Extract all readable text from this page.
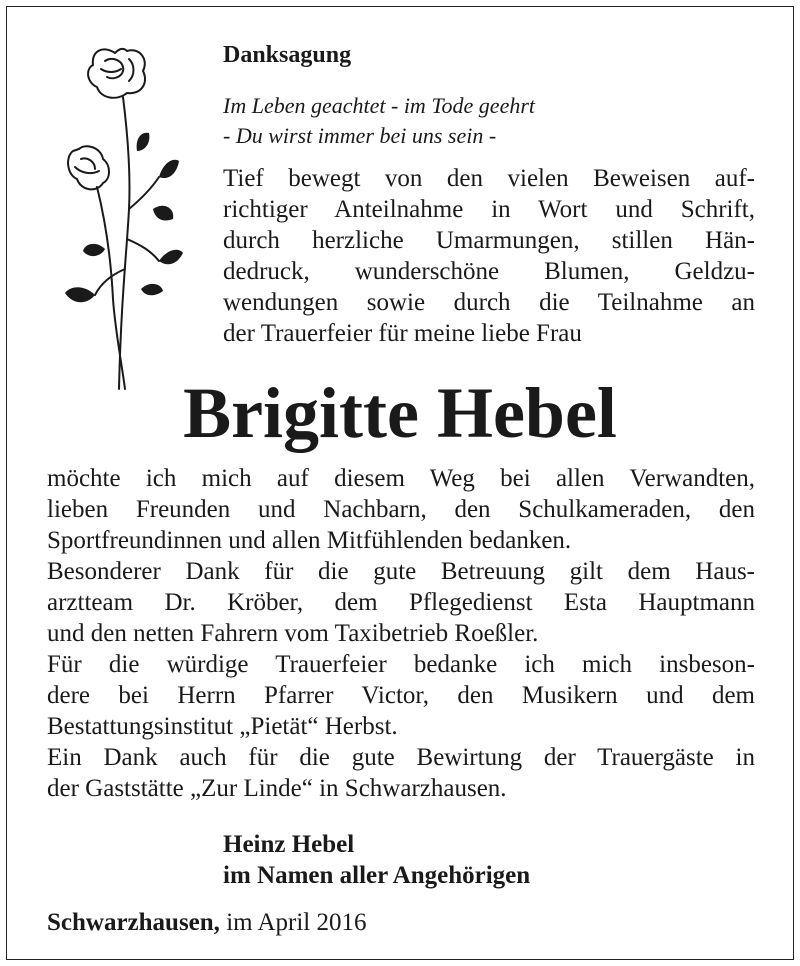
Danksagung
Im Leben geachtet - im Tode geehrt
- Du wirst immer bei uns sein -
Tief bewegt von den vielen Beweisen auf-
richtiger Anteilnahme in Wort und Schrift,
durch herzliche Umarmungen, stillen Hän-
dedruck, wunderschöne Blumen, Geldzu-
wendungen sowie durch die Teilnahme an
der Trauerfeier für meine liebe Frau
Brigitte Hebel
möchte ich mich auf diesem Weg bei allen Verwandten,
lieben Freunden und Nachbarn, den Schulkameraden, den
Sportfreundinnen und allen Mitfühlenden bedanken.
Besonderer Dank für die gute Betreuung gilt dem Haus-
arztteam Dr. Kröber, dem Pflegedienst Esta Hauptmann
und den netten Fahrern vom Taxibetrieb Roeßler.
Für die würdige Trauerfeier bedanke ich mich insbeson-
dere bei Herrn Pfarrer Victor, den Musikern und dem
Bestattungsinstitut „Pietät“ Herbst.
Ein Dank auch für die gute Bewirtung der Trauergäste in
der Gaststätte „Zur Linde“ in Schwarzhausen.
Heinz Hebel
im Namen aller Angehörigen
Schwarzhausen, im April 2016
